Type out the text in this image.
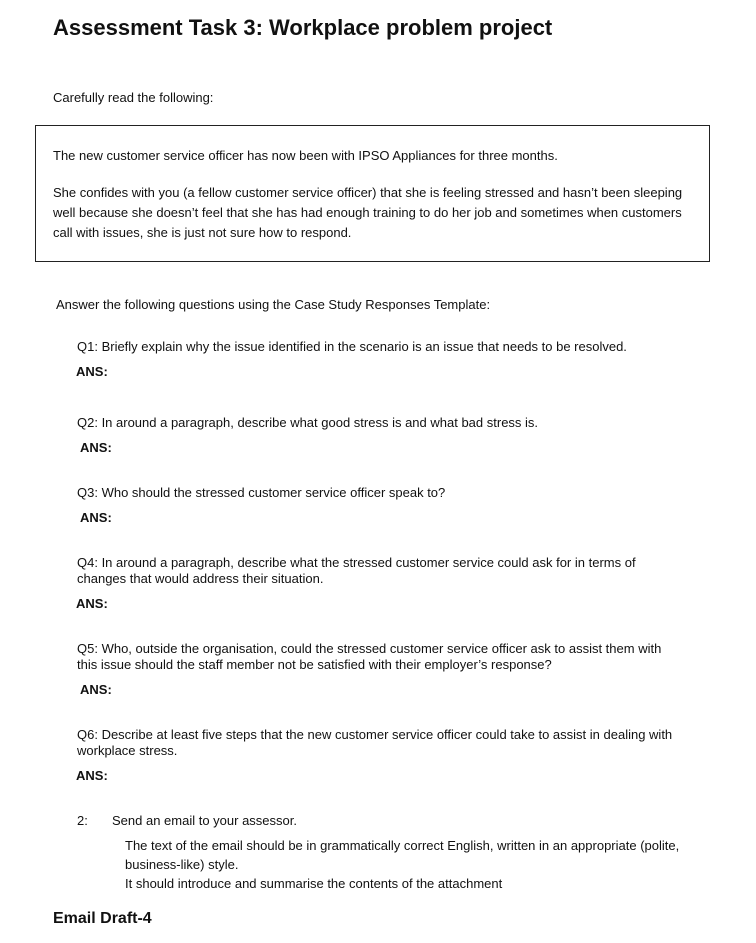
Assessment Task 3: Workplace problem project
Carefully read the following:

The new customer service officer has now been with IPSO Appliances for three months.

She confides with you (a fellow customer service officer) that she is feeling stressed and hasn’t been sleeping well because she doesn’t feel that she has had enough training to do her job and sometimes when customers call with issues, she is just not sure how to respond.

Answer the following questions using the Case Study Responses Template:
Q1: Briefly explain why the issue identified in the scenario is an issue that needs to be resolved.
ANS:
Q2: In around a paragraph, describe what good stress is and what bad stress is.
ANS:
Q3: Who should the stressed customer service officer speak to?
ANS:
Q4: In around a paragraph, describe what the stressed customer service could ask for in terms of changes that would address their situation.
ANS:
Q5: Who, outside the organisation, could the stressed customer service officer ask to assist them with this issue should the staff member not be satisfied with their employer’s response?
ANS:
Q6: Describe at least five steps that the new customer service officer could take to assist in dealing with workplace stress.
ANS:
2: Send an email to your assessor.
The text of the email should be in grammatically correct English, written in an appropriate (polite, business-like) style.
It should introduce and summarise the contents of the attachment
Email Draft-4
